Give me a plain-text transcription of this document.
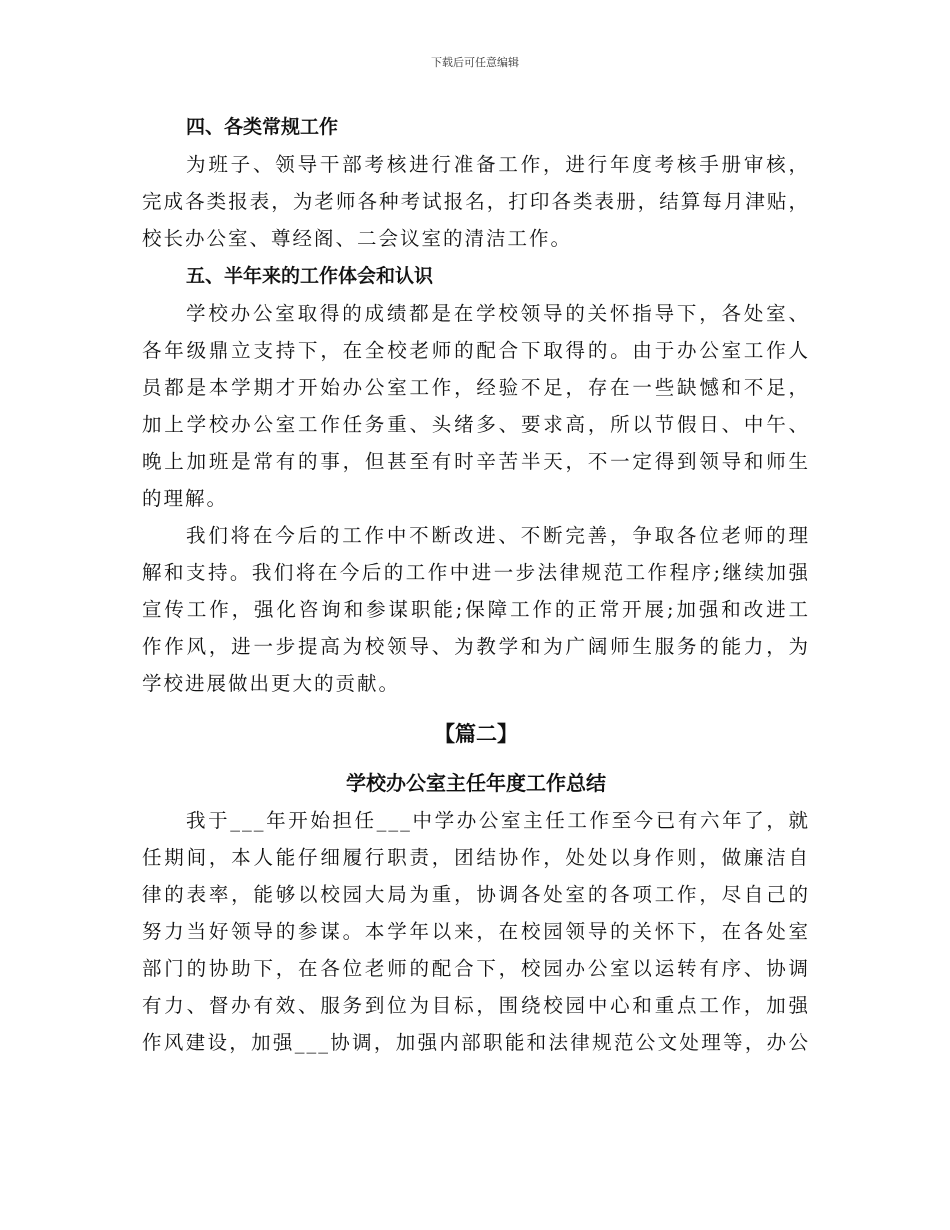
下载后可任意编辑
四、各类常规工作
为班子、领导干部考核进行准备工作，进行年度考核手册审核，
完成各类报表，为老师各种考试报名，打印各类表册，结算每月津贴，
校长办公室、尊经阁、二会议室的清洁工作。
五、半年来的工作体会和认识
学校办公室取得的成绩都是在学校领导的关怀指导下，各处室、
各年级鼎立支持下，在全校老师的配合下取得的。由于办公室工作人
员都是本学期才开始办公室工作，经验不足，存在一些缺憾和不足，
加上学校办公室工作任务重、头绪多、要求高，所以节假日、中午、
晚上加班是常有的事，但甚至有时辛苦半天，不一定得到领导和师生
的理解。
我们将在今后的工作中不断改进、不断完善，争取各位老师的理
解和支持。我们将在今后的工作中进一步法律规范工作程序;继续加强
宣传工作，强化咨询和参谋职能;保障工作的正常开展;加强和改进工
作作风，进一步提高为校领导、为教学和为广阔师生服务的能力，为
学校进展做出更大的贡献。
【篇二】
学校办公室主任年度工作总结
我于___年开始担任___中学办公室主任工作至今已有六年了，就
任期间，本人能仔细履行职责，团结协作，处处以身作则，做廉洁自
律的表率，能够以校园大局为重，协调各处室的各项工作，尽自己的
努力当好领导的参谋。本学年以来，在校园领导的关怀下，在各处室
部门的协助下，在各位老师的配合下，校园办公室以运转有序、协调
有力、督办有效、服务到位为目标，围绕校园中心和重点工作，加强
作风建设，加强___协调，加强内部职能和法律规范公文处理等，办公
